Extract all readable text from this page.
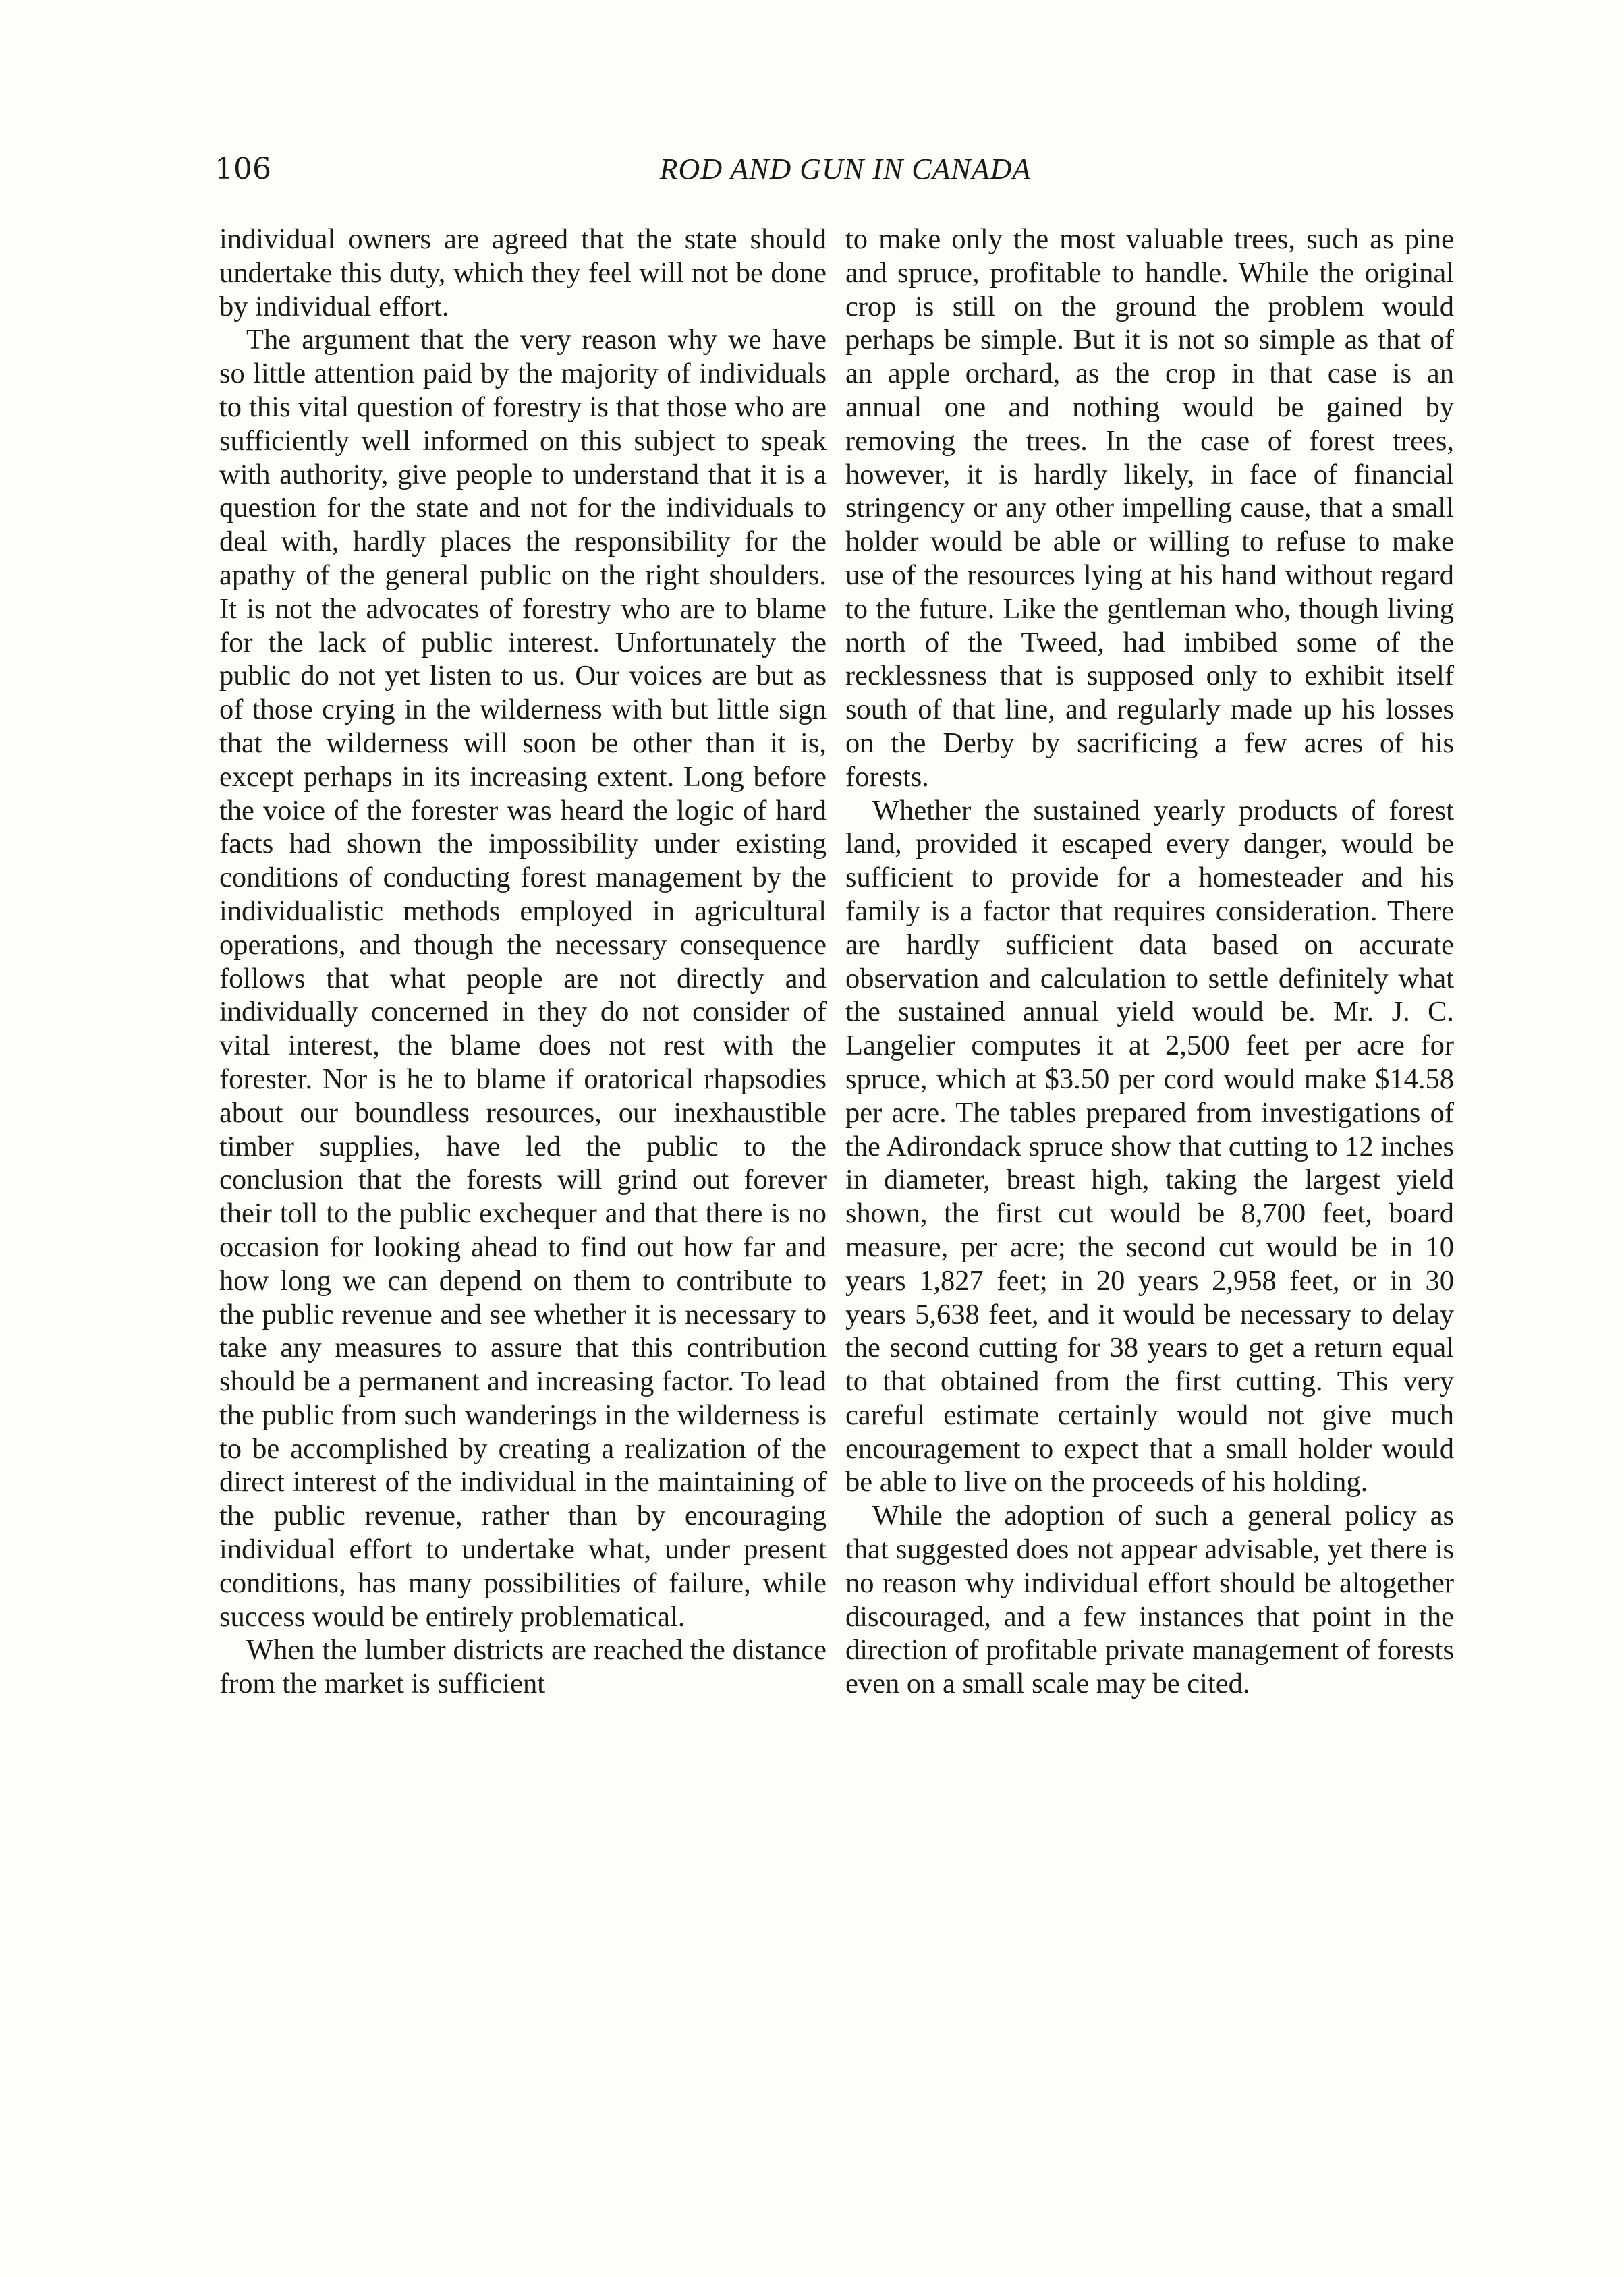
106	ROD AND GUN IN CANADA

individual owners are agreed that the state should undertake this duty, which they feel will not be done by individual effort.

The argument that the very reason why we have so little attention paid by the majority of individuals to this vital question of forestry is that those who are sufficiently well informed on this subject to speak with authority, give people to understand that it is a question for the state and not for the individuals to deal with, hardly places the responsibility for the apathy of the general public on the right shoulders. It is not the advocates of forestry who are to blame for the lack of public interest. Unfortunately the public do not yet listen to us. Our voices are but as of those crying in the wilderness with but little sign that the wilderness will soon be other than it is, except perhaps in its increasing extent. Long before the voice of the forester was heard the logic of hard facts had shown the impossibility under existing conditions of conducting forest management by the individualistic methods employed in agricultural operations, and though the necessary consequence follows that what people are not directly and individually concerned in they do not consider of vital interest, the blame does not rest with the forester. Nor is he to blame if oratorical rhapsodies about our boundless resources, our inexhaustible timber supplies, have led the public to the conclusion that the forests will grind out forever their toll to the public exchequer and that there is no occasion for looking ahead to find out how far and how long we can depend on them to contribute to the public revenue and see whether it is necessary to take any measures to assure that this contribution should be a permanent and increasing factor. To lead the public from such wanderings in the wilderness is to be accomplished by creating a realization of the direct interest of the individual in the maintaining of the public revenue, rather than by encouraging individual effort to undertake what, under present conditions, has many possibilities of failure, while success would be entirely problematical.

When the lumber districts are reached the distance from the market is sufficient

to make only the most valuable trees, such as pine and spruce, profitable to handle. While the original crop is still on the ground the problem would perhaps be simple. But it is not so simple as that of an apple orchard, as the crop in that case is an annual one and nothing would be gained by removing the trees. In the case of forest trees, however, it is hardly likely, in face of financial stringency or any other impelling cause, that a small holder would be able or willing to refuse to make use of the resources lying at his hand without regard to the future. Like the gentleman who, though living north of the Tweed, had imbibed some of the recklessness that is supposed only to exhibit itself south of that line, and regularly made up his losses on the Derby by sacrificing a few acres of his forests.

Whether the sustained yearly products of forest land, provided it escaped every danger, would be sufficient to provide for a homesteader and his family is a factor that requires consideration. There are hardly sufficient data based on accurate observation and calculation to settle definitely what the sustained annual yield would be. Mr. J. C. Langelier computes it at 2,500 feet per acre for spruce, which at $3.50 per cord would make $14.58 per acre. The tables prepared from investigations of the Adirondack spruce show that cutting to 12 inches in diameter, breast high, taking the largest yield shown, the first cut would be 8,700 feet, board measure, per acre; the second cut would be in 10 years 1,827 feet; in 20 years 2,958 feet, or in 30 years 5,638 feet, and it would be necessary to delay the second cutting for 38 years to get a return equal to that obtained from the first cutting. This very careful estimate certainly would not give much encouragement to expect that a small holder would be able to live on the proceeds of his holding.

While the adoption of such a general policy as that suggested does not appear advisable, yet there is no reason why individual effort should be altogether discouraged, and a few instances that point in the direction of profitable private management of forests even on a small scale may be cited.
